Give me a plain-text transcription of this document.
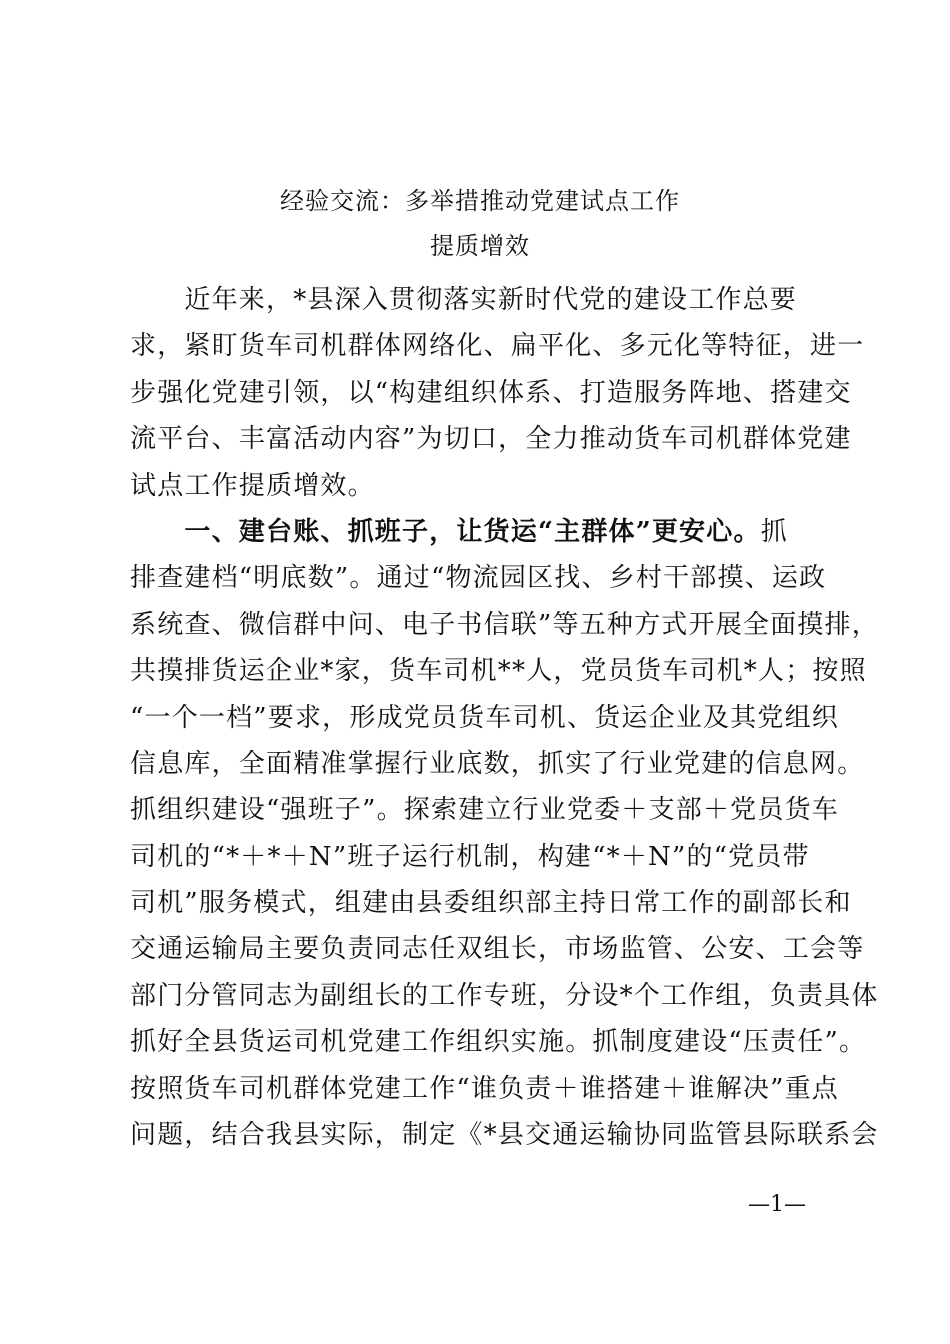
经验交流：多举措推动党建试点工作
提质增效
　　近年来，*县深入贯彻落实新时代党的建设工作总要
求，紧盯货车司机群体网络化、扁平化、多元化等特征，进一
步强化党建引领，以“构建组织体系、打造服务阵地、搭建交
流平台、丰富活动内容”为切口，全力推动货车司机群体党建
试点工作提质增效。
　　一、建台账、抓班子，让货运“主群体”更安心。抓
排查建档“明底数”。通过“物流园区找、乡村干部摸、运政
系统查、微信群中问、电子书信联”等五种方式开展全面摸排，
共摸排货运企业*家，货车司机**人，党员货车司机*人；按照
“一个一档”要求，形成党员货车司机、货运企业及其党组织
信息库，全面精准掌握行业底数，抓实了行业党建的信息网。
抓组织建设“强班子”。探索建立行业党委＋支部＋党员货车
司机的“*＋*＋N”班子运行机制，构建“*＋N”的“党员带
司机”服务模式，组建由县委组织部主持日常工作的副部长和
交通运输局主要负责同志任双组长，市场监管、公安、工会等
部门分管同志为副组长的工作专班，分设*个工作组，负责具体
抓好全县货运司机党建工作组织实施。抓制度建设“压责任”。
按照货车司机群体党建工作“谁负责＋谁搭建＋谁解决”重点
问题，结合我县实际，制定《*县交通运输协同监管县际联系会
—1—
